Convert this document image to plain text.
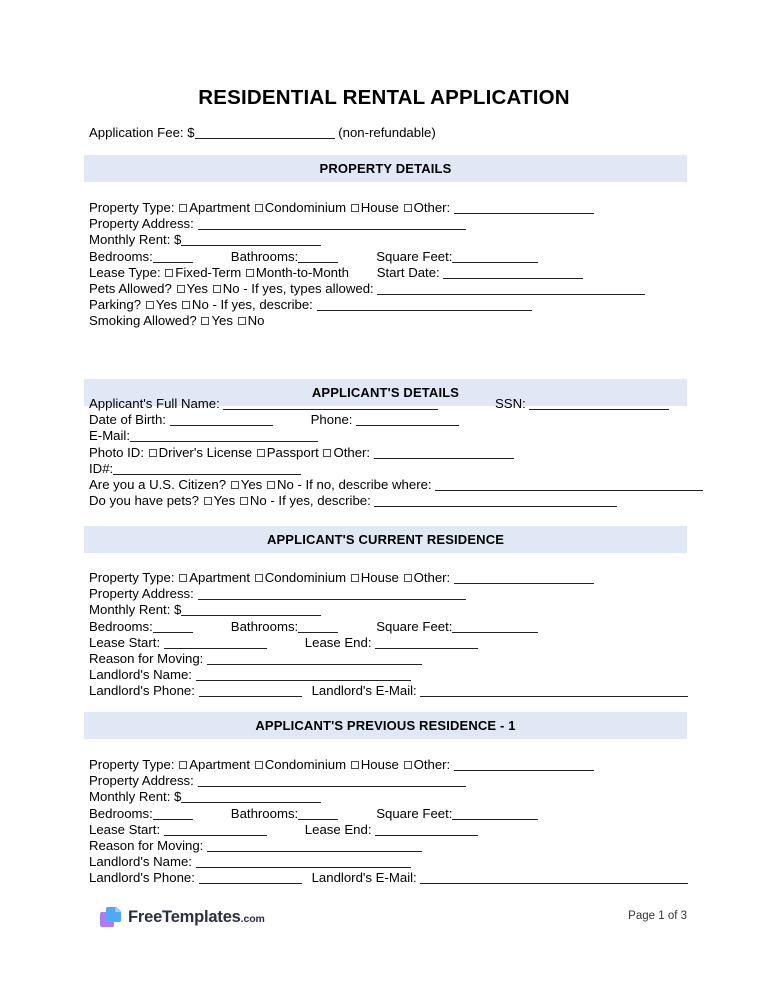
RESIDENTIAL RENTAL APPLICATION
Application Fee: $	(non-refundable)
PROPERTY DETAILS
Property Type: Apartment Condominium House Other:
Property Address:
Monthly Rent: $
Bedrooms:	Bathrooms:	Square Feet:
Lease Type: Fixed-Term Month-to-Month Start Date:
Pets Allowed? Yes No - If yes, types allowed:
Parking? Yes No - If yes, describe:
Smoking Allowed? Yes No
APPLICANT'S DETAILS
Applicant's Full Name:	SSN:
Date of Birth:	Phone:
E-Mail:
Photo ID: Driver's License Passport Other:
ID#:
Are you a U.S. Citizen? Yes No - If no, describe where:
Do you have pets? Yes No - If yes, describe:
APPLICANT'S CURRENT RESIDENCE
Property Type: Apartment Condominium House Other:
Property Address:
Monthly Rent: $
Bedrooms:	Bathrooms:	Square Feet:
Lease Start:	Lease End:
Reason for Moving:
Landlord's Name:
Landlord's Phone:	Landlord's E-Mail:
APPLICANT'S PREVIOUS RESIDENCE - 1
Property Type: Apartment Condominium House Other:
Property Address:
Monthly Rent: $
Bedrooms:	Bathrooms:	Square Feet:
Lease Start:	Lease End:
Reason for Moving:
Landlord's Name:
Landlord's Phone:	Landlord's E-Mail:
FreeTemplates.com	Page 1 of 3
